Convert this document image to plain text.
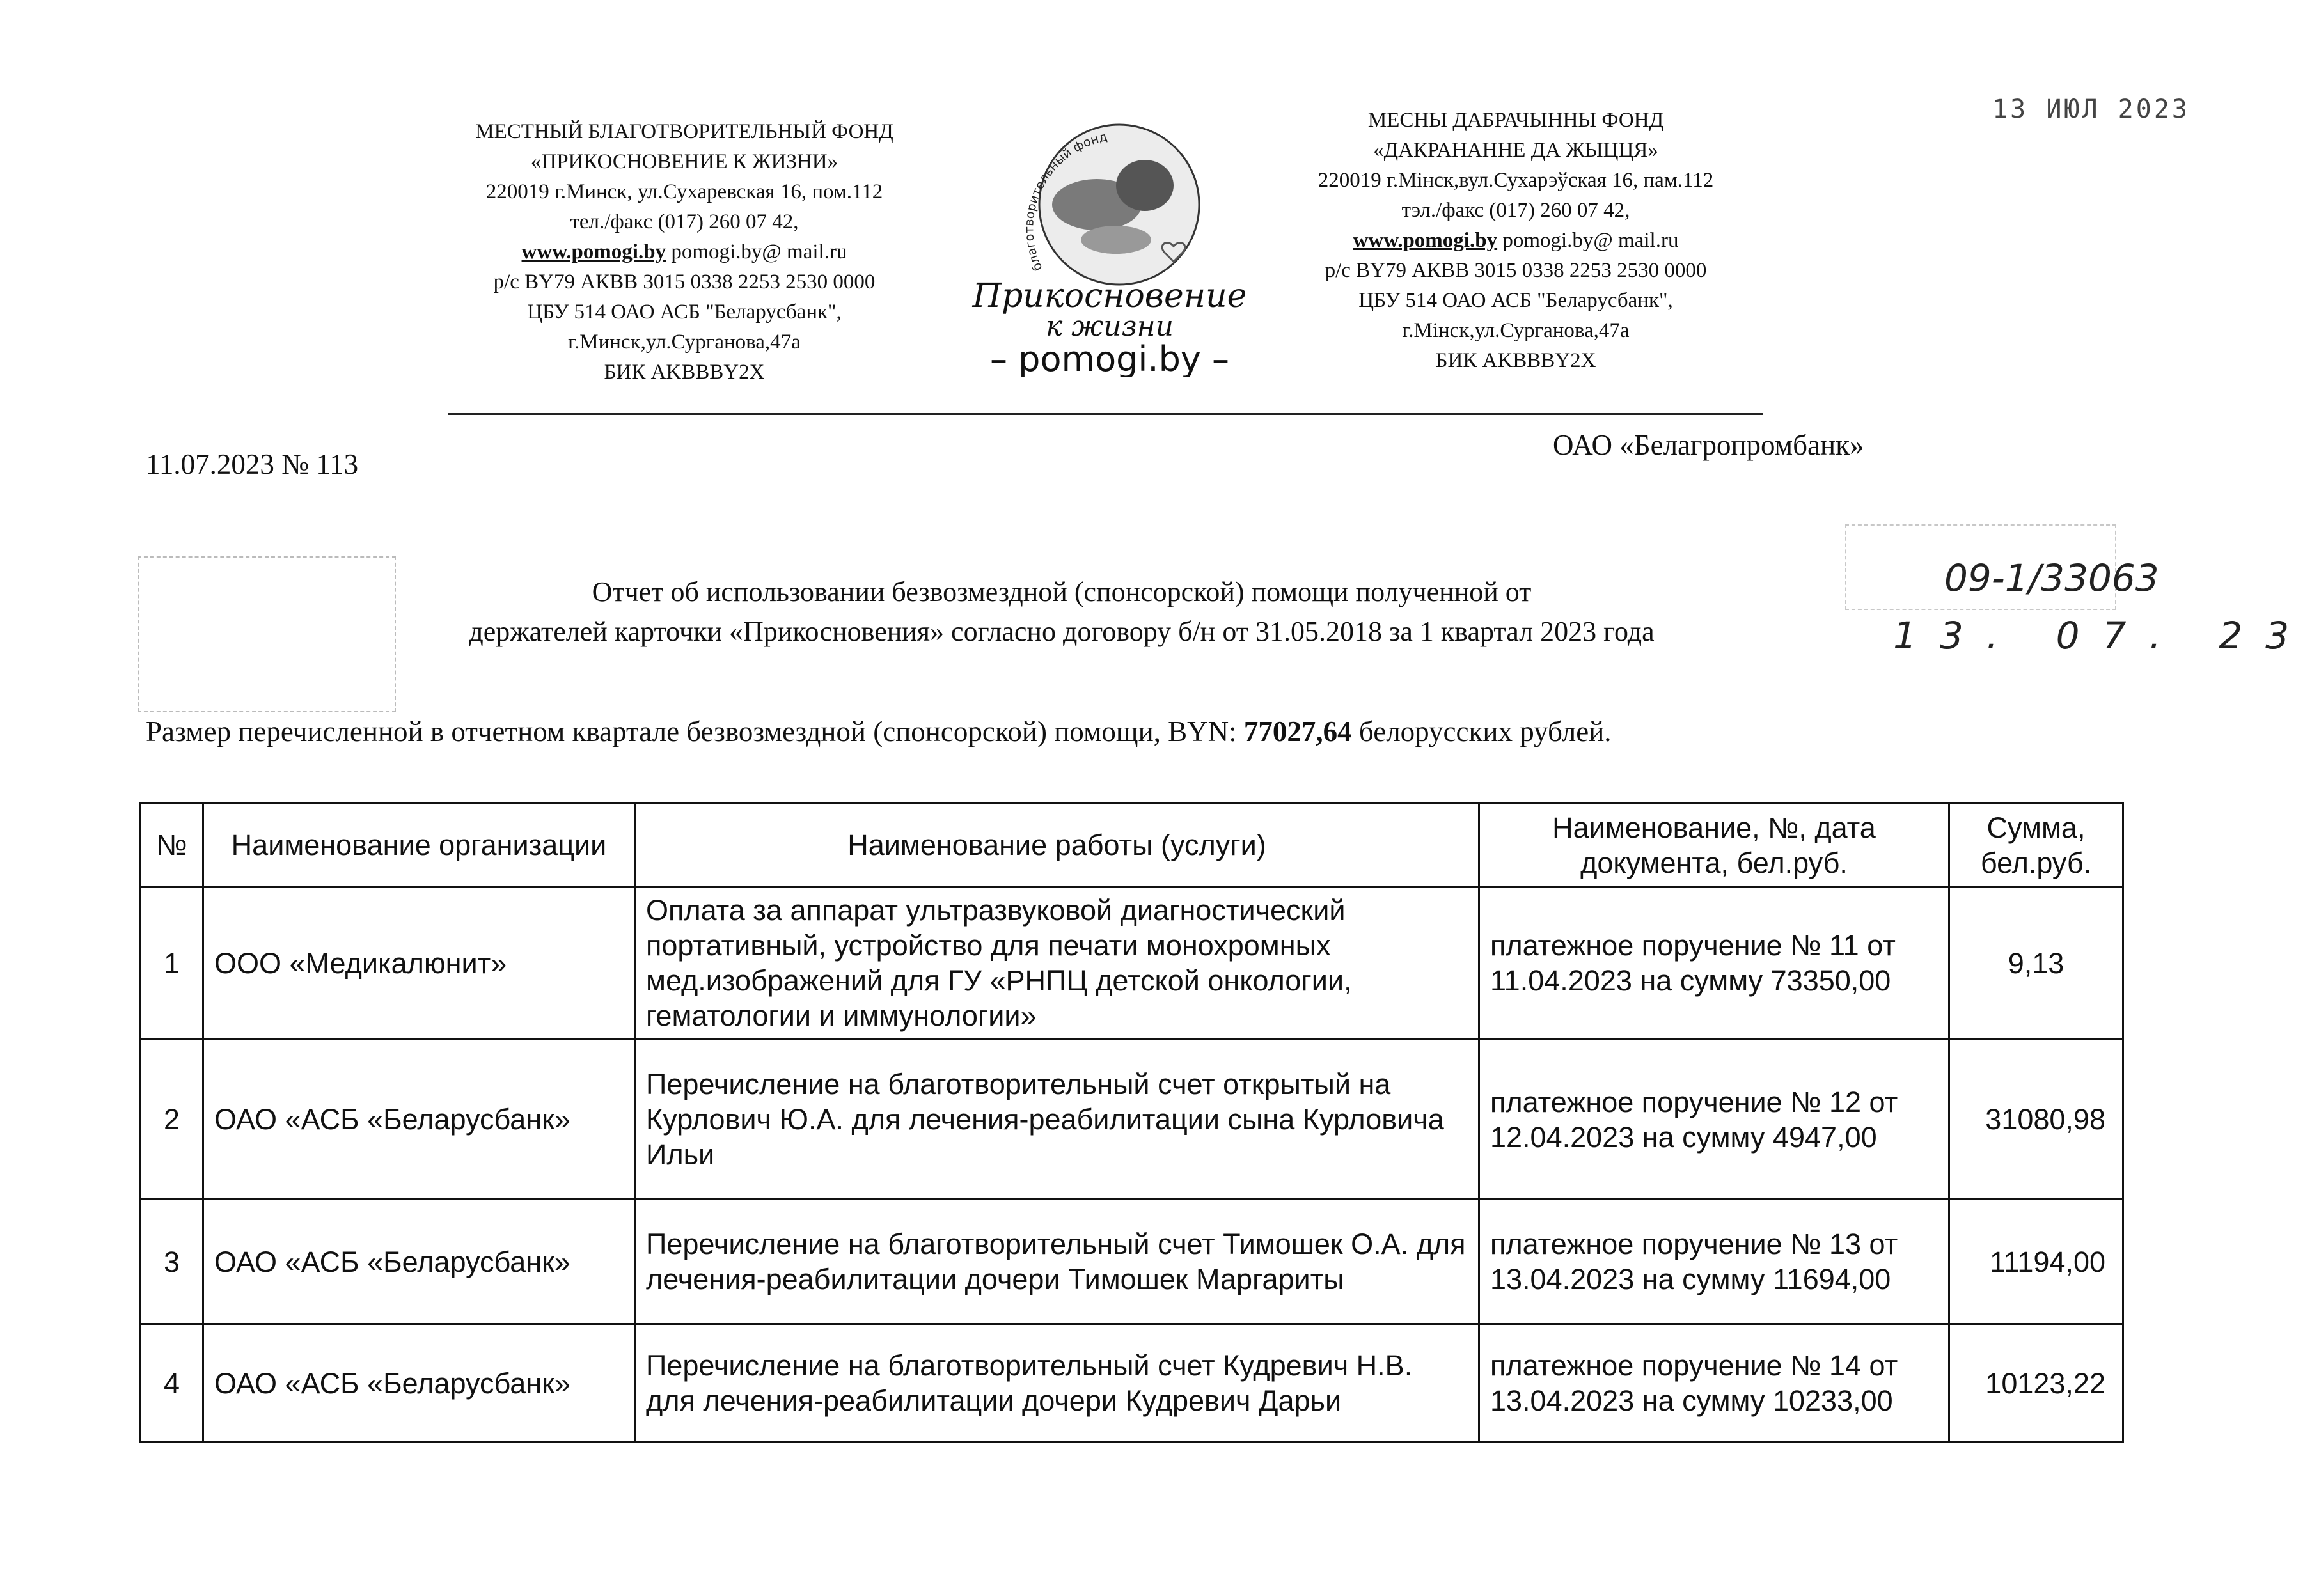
МЕСТНЫЙ БЛАГОТВОРИТЕЛЬНЫЙ ФОНД
«ПРИКОСНОВЕНИЕ К ЖИЗНИ»
220019 г.Минск, ул.Сухаревская 16, пом.112
тел./факс (017) 260 07 42,
www.pomogi.by pomogi.by@ mail.ru
р/с BY79 АКВВ 3015 0338 2253 2530 0000
ЦБУ 514 ОАО АСБ "Беларусбанк",
г.Минск,ул.Сурганова,47а
БИК AKBBBY2X
благотворительный фонд
Прикосновение
к жизни
– pomogi.by –
МЕСНЫ ДАБРАЧЫННЫ ФОНД
«ДАКРАНАННЕ ДА ЖЫЦЦЯ»
220019 г.Мінск,вул.Сухарэўская 16, пам.112
тэл./факс (017) 260 07 42,
www.pomogi.by pomogi.by@ mail.ru
р/с BY79 АКВВ 3015 0338 2253 2530 0000
ЦБУ 514 ОАО АСБ "Беларусбанк",
г.Мінск,ул.Сурганова,47а
БИК AKBBBY2X
13 ИЮЛ 2023
11.07.2023 № 113
ОАО «Белагропромбанк»
09-1/33063
13. 07. 23
Отчет об использовании безвозмездной (спонсорской) помощи полученной от
держателей карточки «Прикосновения» согласно договору б/н от 31.05.2018 за 1 квартал 2023 года
Размер перечисленной в отчетном квартале безвозмездной (спонсорской) помощи, BYN: 77027,64 белорусских рублей.
№	Наименование организации	Наименование работы (услуги)	Наименование, №, дата документа, бел.руб.	Сумма, бел.руб.
1	ООО «Медикалюнит»	Оплата за аппарат ультразвуковой диагностический портативный, устройство для печати монохромных мед.изображений для ГУ «РНПЦ детской онкологии, гематологии и иммунологии»	платежное поручение № 11 от 11.04.2023 на сумму 73350,00	9,13
2	ОАО «АСБ «Беларусбанк»	Перечисление на благотворительный счет открытый на Курлович Ю.А. для лечения-реабилитации сына Курловича Ильи	платежное поручение № 12 от 12.04.2023 на сумму 4947,00	31080,98
3	ОАО «АСБ «Беларусбанк»	Перечисление на благотворительный счет Тимошек О.А. для лечения-реабилитации дочери Тимошек Маргариты	платежное поручение № 13 от 13.04.2023 на сумму 11694,00	11194,00
4	ОАО «АСБ «Беларусбанк»	Перечисление на благотворительный счет Кудревич Н.В. для лечения-реабилитации дочери Кудревич Дарьи	платежное поручение № 14 от 13.04.2023 на сумму 10233,00	10123,22
